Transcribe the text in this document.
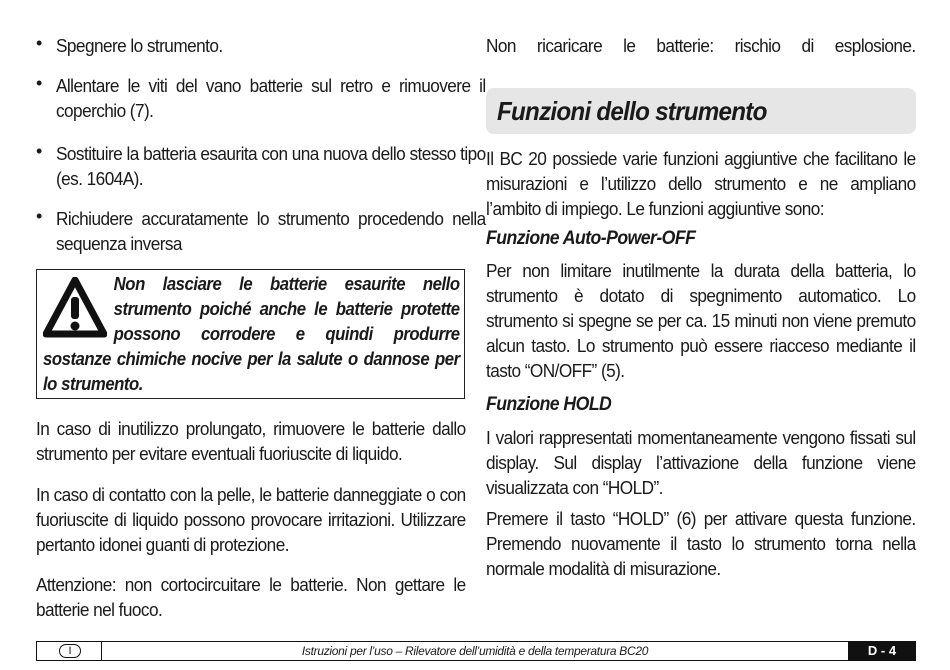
• Spegnere lo strumento.
• Allentare le viti del vano batterie sul retro e rimuovere il coperchio (7).
• Sostituire la batteria esaurita con una nuova dello stesso tipo (es. 1604A).
• Richiudere accuratamente lo strumento procedendo nella sequenza inversa
Non lasciare le batterie esaurite nello strumento poiché anche le batterie protette possono corrodere e quindi produrre sostanze chimiche nocive per la salute o dannose per lo strumento.
In caso di inutilizzo prolungato, rimuovere le batterie dallo strumento per evitare eventuali fuoriuscite di liquido.
In caso di contatto con la pelle, le batterie danneggiate o con fuoriuscite di liquido possono provocare irritazioni. Utilizzare pertanto idonei guanti di protezione.
Attenzione: non cortocircuitare le batterie. Non gettare le batterie nel fuoco.
Non ricaricare le batterie: rischio di esplosione.
Funzioni dello strumento
Il BC 20 possiede varie funzioni aggiuntive che facilitano le misurazioni e l’utilizzo dello strumento e ne ampliano l’ambito di impiego. Le funzioni aggiuntive sono:
Funzione Auto-Power-OFF
Per non limitare inutilmente la durata della batteria, lo strumento è dotato di spegnimento automatico. Lo strumento si spegne se per ca. 15 minuti non viene premuto alcun tasto. Lo strumento può essere riacceso mediante il tasto “ON/OFF” (5).
Funzione HOLD
I valori rappresentati momentaneamente vengono fissati sul display. Sul display l’attivazione della funzione viene visualizzata con “HOLD”.
Premere il tasto “HOLD” (6) per attivare questa funzione. Premendo nuovamente il tasto lo strumento torna nella normale modalità di misurazione.
I	Istruzioni per l’uso – Rilevatore dell’umidità e della temperatura BC20	D - 4
